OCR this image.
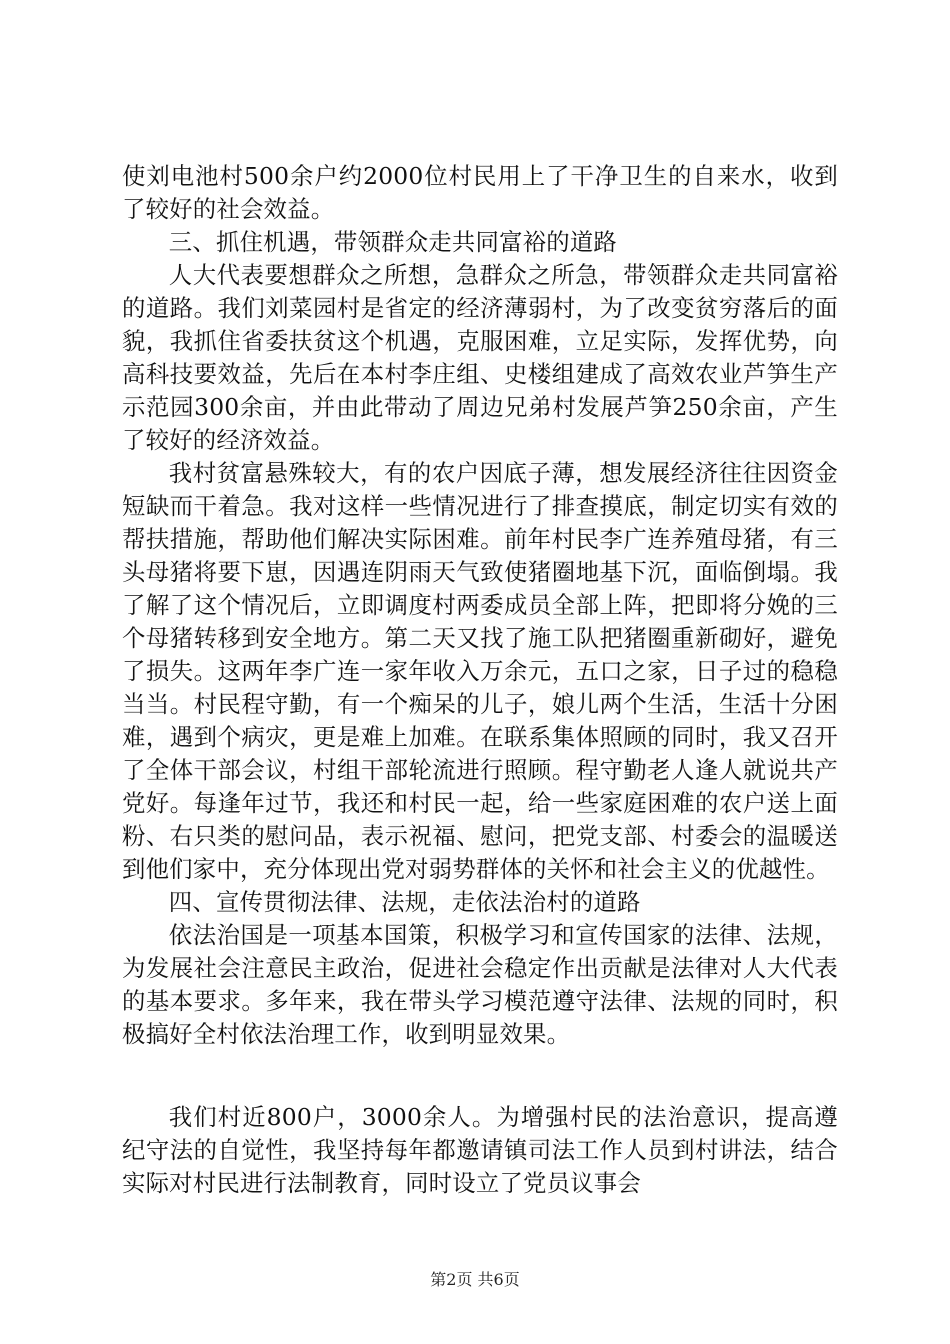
使刘电池村500余户约2000位村民用上了干净卫生的自来水，收到了较好的社会效益。

三、抓住机遇，带领群众走共同富裕的道路

人大代表要想群众之所想，急群众之所急，带领群众走共同富裕的道路。我们刘菜园村是省定的经济薄弱村，为了改变贫穷落后的面貌，我抓住省委扶贫这个机遇，克服困难，立足实际，发挥优势，向高科技要效益，先后在本村李庄组、史楼组建成了高效农业芦笋生产示范园300余亩，并由此带动了周边兄弟村发展芦笋250余亩，产生了较好的经济效益。

我村贫富悬殊较大，有的农户因底子薄，想发展经济往往因资金短缺而干着急。我对这样一些情况进行了排查摸底，制定切实有效的帮扶措施，帮助他们解决实际困难。前年村民李广连养殖母猪，有三头母猪将要下崽，因遇连阴雨天气致使猪圈地基下沉，面临倒塌。我了解了这个情况后，立即调度村两委成员全部上阵，把即将分娩的三个母猪转移到安全地方。第二天又找了施工队把猪圈重新砌好，避免了损失。这两年李广连一家年收入万余元，五口之家，日子过的稳稳当当。村民程守勤，有一个痴呆的儿子，娘儿两个生活，生活十分困难，遇到个病灾，更是难上加难。在联系集体照顾的同时，我又召开了全体干部会议，村组干部轮流进行照顾。程守勤老人逢人就说共产党好。每逢年过节，我还和村民一起，给一些家庭困难的农户送上面粉、右只类的慰问品，表示祝福、慰问，把党支部、村委会的温暖送到他们家中，充分体现出党对弱势群体的关怀和社会主义的优越性。

四、宣传贯彻法律、法规，走依法治村的道路

依法治国是一项基本国策，积极学习和宣传国家的法律、法规，为发展社会注意民主政治，促进社会稳定作出贡献是法律对人大代表的基本要求。多年来，我在带头学习模范遵守法律、法规的同时，积极搞好全村依法治理工作，收到明显效果。

我们村近800户，3000余人。为增强村民的法治意识，提高遵纪守法的自觉性，我坚持每年都邀请镇司法工作人员到村讲法，结合实际对村民进行法制教育，同时设立了党员议事会

第2页 共6页
